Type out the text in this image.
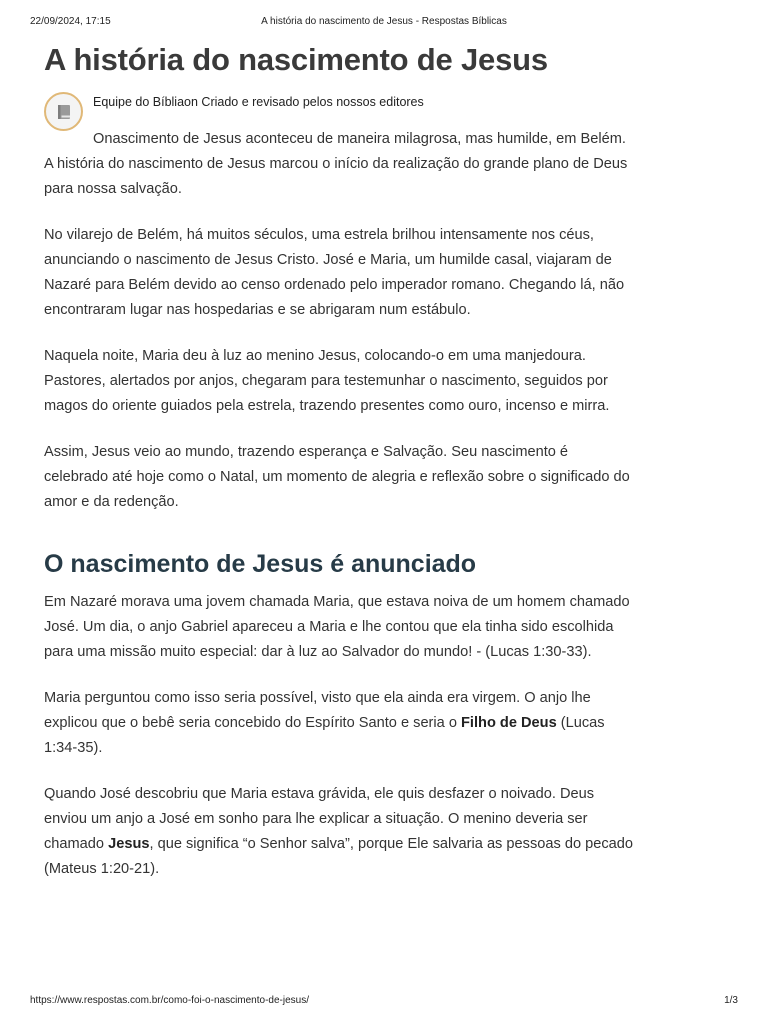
22/09/2024, 17:15	A história do nascimento de Jesus - Respostas Bíblicas
A história do nascimento de Jesus
Equipe do Bíbliaon Criado e revisado pelos nossos editores

Onascimento de Jesus aconteceu de maneira milagrosa, mas humilde, em Belém. A história do nascimento de Jesus marcou o início da realização do grande plano de Deus para nossa salvação.

No vilarejo de Belém, há muitos séculos, uma estrela brilhou intensamente nos céus, anunciando o nascimento de Jesus Cristo. José e Maria, um humilde casal, viajaram de Nazaré para Belém devido ao censo ordenado pelo imperador romano. Chegando lá, não encontraram lugar nas hospedarias e se abrigaram num estábulo.

Naquela noite, Maria deu à luz ao menino Jesus, colocando-o em uma manjedoura. Pastores, alertados por anjos, chegaram para testemunhar o nascimento, seguidos por magos do oriente guiados pela estrela, trazendo presentes como ouro, incenso e mirra.

Assim, Jesus veio ao mundo, trazendo esperança e Salvação. Seu nascimento é celebrado até hoje como o Natal, um momento de alegria e reflexão sobre o significado do amor e da redenção.

O nascimento de Jesus é anunciado

Em Nazaré morava uma jovem chamada Maria, que estava noiva de um homem chamado José. Um dia, o anjo Gabriel apareceu a Maria e lhe contou que ela tinha sido escolhida para uma missão muito especial: dar à luz ao Salvador do mundo! - (Lucas 1:30-33).

Maria perguntou como isso seria possível, visto que ela ainda era virgem. O anjo lhe explicou que o bebê seria concebido do Espírito Santo e seria o Filho de Deus (Lucas 1:34-35).

Quando José descobriu que Maria estava grávida, ele quis desfazer o noivado. Deus enviou um anjo a José em sonho para lhe explicar a situação. O menino deveria ser chamado Jesus, que significa “o Senhor salva”, porque Ele salvaria as pessoas do pecado (Mateus 1:20-21).

https://www.respostas.com.br/como-foi-o-nascimento-de-jesus/	1/3
